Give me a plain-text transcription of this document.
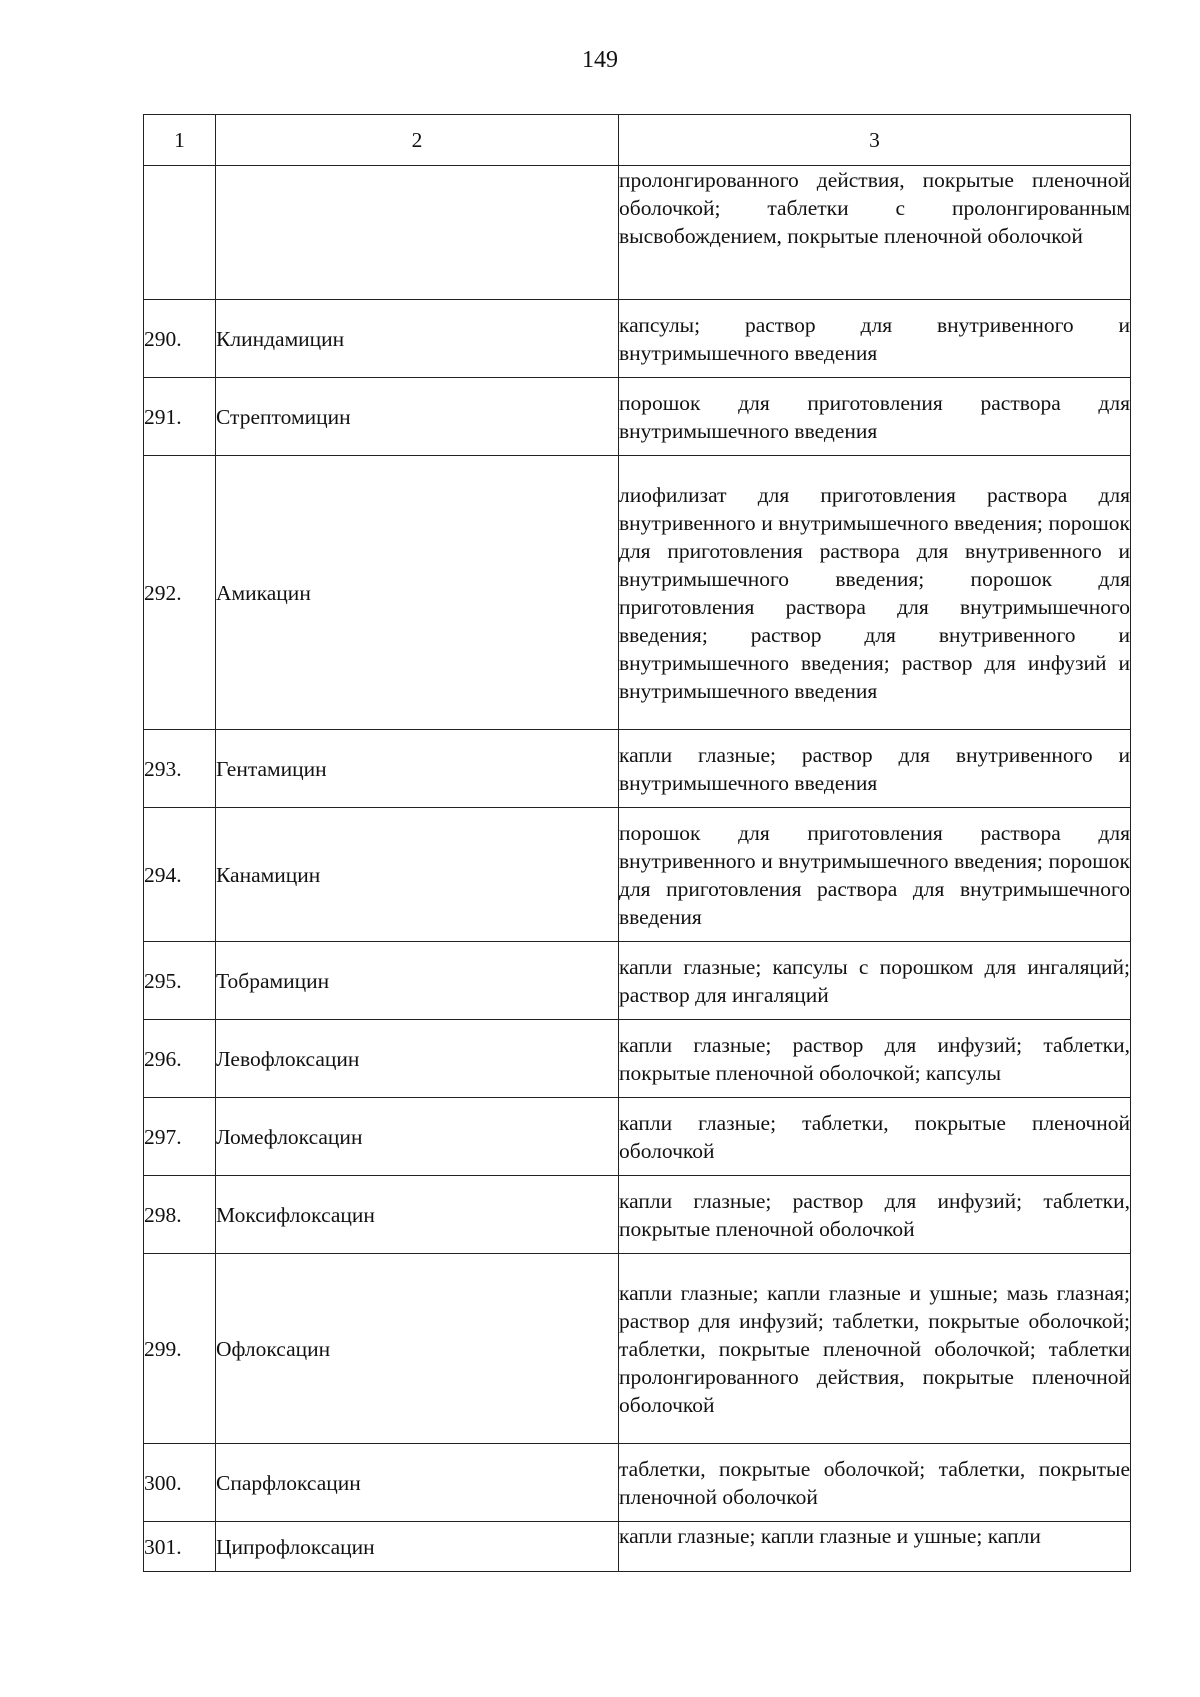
149
1	2	3
		пролонгированного действия, покрытые пленочной оболочкой; таблетки с пролонгированным высвобождением, покрытые пленочной оболочкой
290.	Клиндамицин	капсулы; раствор для внутривенного и внутримышечного введения
291.	Стрептомицин	порошок для приготовления раствора для внутримышечного введения
292.	Амикацин	лиофилизат для приготовления раствора для внутривенного и внутримышечного введения; порошок для приготовления раствора для внутривенного и внутримышечного введения; порошок для приготовления раствора для внутримышечного введения; раствор для внутривенного и внутримышечного введения; раствор для инфузий и внутримышечного введения
293.	Гентамицин	капли глазные; раствор для внутривенного и внутримышечного введения
294.	Канамицин	порошок для приготовления раствора для внутривенного и внутримышечного введения; порошок для приготовления раствора для внутримышечного введения
295.	Тобрамицин	капли глазные; капсулы с порошком для ингаляций; раствор для ингаляций
296.	Левофлоксацин	капли глазные; раствор для инфузий; таблетки, покрытые пленочной оболочкой; капсулы
297.	Ломефлоксацин	капли глазные; таблетки, покрытые пленочной оболочкой
298.	Моксифлоксацин	капли глазные; раствор для инфузий; таблетки, покрытые пленочной оболочкой
299.	Офлоксацин	капли глазные; капли глазные и ушные; мазь глазная; раствор для инфузий; таблетки, покрытые оболочкой; таблетки, покрытые пленочной оболочкой; таблетки пролонгированного действия, покрытые пленочной оболочкой
300.	Спарфлоксацин	таблетки, покрытые оболочкой; таблетки, покрытые пленочной оболочкой
301.	Ципрофлоксацин	капли глазные; капли глазные и ушные; капли
